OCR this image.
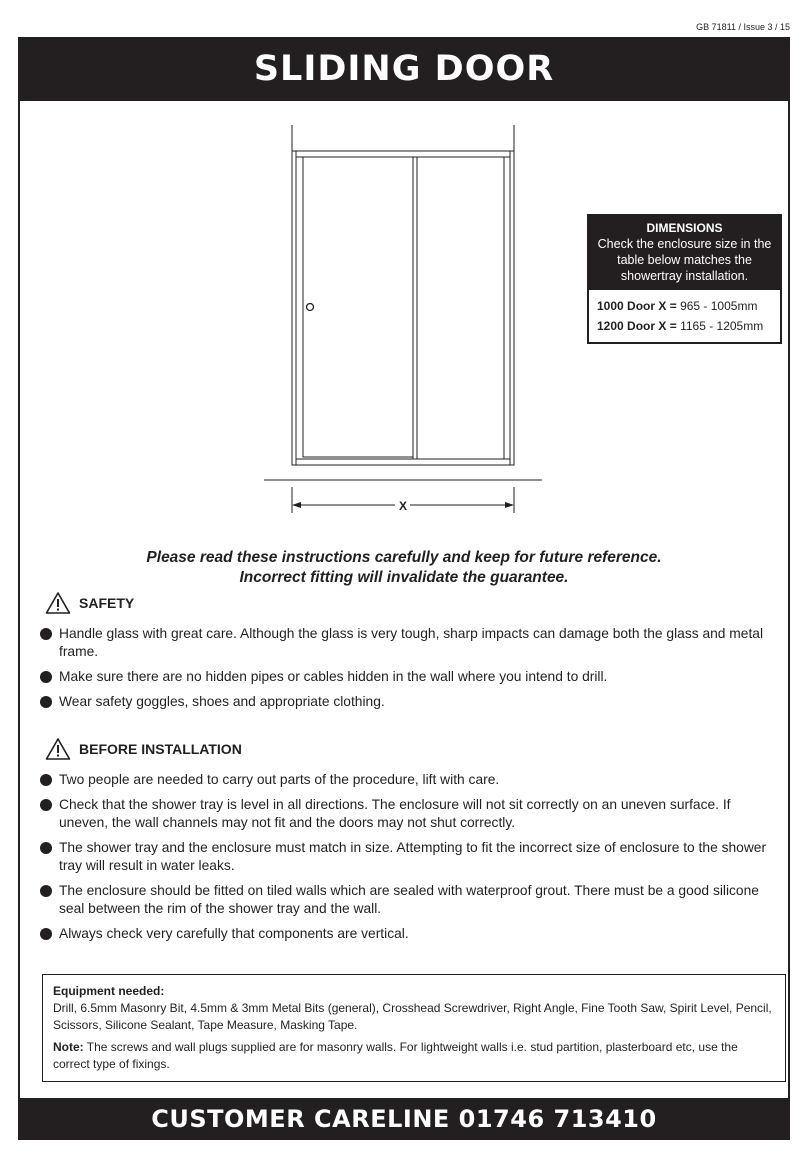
GB 71811 / Issue 3 / 15
SLIDING DOOR
X
DIMENSIONS
Check the enclosure size in the table below matches the showertray installation.
1000 Door X = 965 - 1005mm
1200 Door X = 1165 - 1205mm
Please read these instructions carefully and keep for future reference.
Incorrect fitting will invalidate the guarantee.
SAFETY
Handle glass with great care. Although the glass is very tough, sharp impacts can damage both the glass and metal frame.
Make sure there are no hidden pipes or cables hidden in the wall where you intend to drill.
Wear safety goggles, shoes and appropriate clothing.
BEFORE INSTALLATION
Two people are needed to carry out parts of the procedure, lift with care.
Check that the shower tray is level in all directions. The enclosure will not sit correctly on an uneven surface. If uneven, the wall channels may not fit and the doors may not shut correctly.
The shower tray and the enclosure must match in size. Attempting to fit the incorrect size of enclosure to the shower tray will result in water leaks.
The enclosure should be fitted on tiled walls which are sealed with waterproof grout. There must be a good silicone seal between the rim of the shower tray and the wall.
Always check very carefully that components are vertical.

Equipment needed:
Drill, 6.5mm Masonry Bit, 4.5mm & 3mm Metal Bits (general), Crosshead Screwdriver, Right Angle, Fine Tooth Saw, Spirit Level, Pencil, Scissors, Silicone Sealant, Tape Measure, Masking Tape.

Note: The screws and wall plugs supplied are for masonry walls. For lightweight walls i.e. stud partition, plasterboard etc, use the correct type of fixings.

CUSTOMER CARELINE 01746 713410
